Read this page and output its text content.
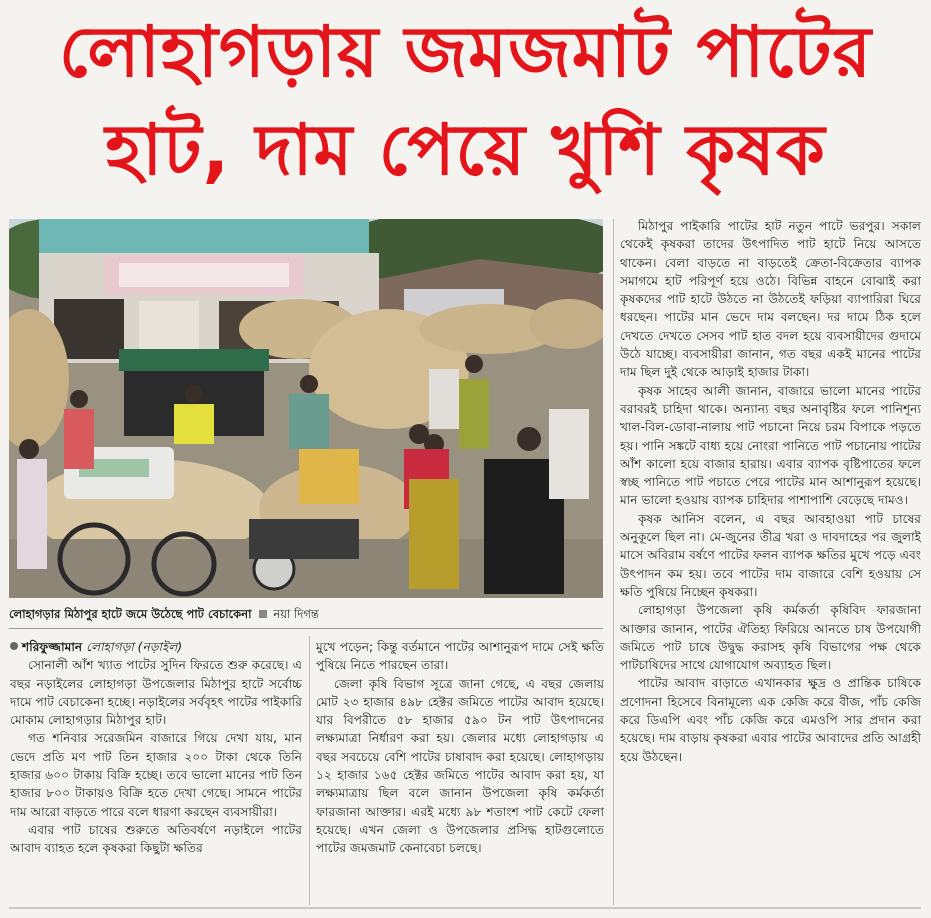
লোহাগড়ায় জমজমাট পাটের
হাট, দাম পেয়ে খুশি কৃষক
লোহাগড়ার মিঠাপুর হাটে জমে উঠেছে পাট বেচাকেনা নয়া দিগন্ত

শরিফুজ্জামান লোহাগড়া (নড়াইল)

সোনালী আঁশ খ্যাত পাটের সুদিন ফিরতে শুরু করেছে। এ বছর নড়াইলের লোহাগড়া উপজেলার মিঠাপুর হাটে সর্বোচ্চ দামে পাট বেচাকেনা হচ্ছে। নড়াইলের সর্ববৃহৎ পাটের পাইকারি মোকাম লোহাগড়ার মিঠাপুর হাট।

গত শনিবার সরেজমিন বাজারে গিয়ে দেখা যায়, মান ভেদে প্রতি মণ পাট তিন হাজার ২০০ টাকা থেকে তিনি হাজার ৬০০ টাকায় বিক্রি হচ্ছে। তবে ভালো মানের পাট তিন হাজার ৮০০ টাকায়ও বিক্রি হতে দেখা গেছে। সামনে পাটের দাম আরো বাড়তে পারে বলে ধারণা করছেন ব্যবসায়ীরা।

এবার পাট চাষের শুরুতে অতিবর্ষণে নড়াইলে পাটের আবাদ ব্যাহত হলে কৃষকরা কিছুটা ক্ষতির

মুখে পড়েন; কিন্তু বর্তমানে পাটের আশানুরূপ দামে সেই ক্ষতি পুষিয়ে নিতে পারছেন তারা।

জেলা কৃষি বিভাগ সূত্রে জানা গেছে, এ বছর জেলায় মোট ২৩ হাজার ৪৯৮ হেক্টর জমিতে পাটের আবাদ হয়েছে। যার বিপরীতে ৫৮ হাজার ৫৯০ টন পাট উৎপাদনের লক্ষ্যমাত্রা নির্ধারণ করা হয়। জেলার মধ্যে লোহাগড়ায় এ বছর সবচেয়ে বেশি পাটের চাষাবাদ করা হয়েছে। লোহাগড়ায় ১২ হাজার ১৬৫ হেক্টর জমিতে পাটের আবাদ করা হয়, যা লক্ষ্যমাত্রায় ছিল বলে জানান উপজেলা কৃষি কর্মকর্তা ফারজানা আক্তার। এরই মধ্যে ৯৮ শতাংশ পাট কেটে ফেলা হয়েছে। এখন জেলা ও উপজেলার প্রসিদ্ধ হাটগুলোতে পাটের জমজমাট কেনাবেচা চলছে।

মিঠাপুর পাইকারি পাটের হাট নতুন পাটে ভরপুর। সকাল থেকেই কৃষকরা তাদের উৎপাদিত পাট হাটে নিয়ে আসতে থাকেন। বেলা বাড়তে না বাড়তেই ক্রেতা-বিক্রেতার ব্যাপক সমাগমে হাট পরিপূর্ণ হয়ে ওঠে। বিভিন্ন বাহনে বোঝাই করা কৃষকদের পাট হাটে উঠতে না উঠতেই ফড়িয়া ব্যাপারিরা ঘিরে ধরছেন। পাটের মান ভেদে দাম বলছেন। দর দামে ঠিক হলে দেখতে দেখতে সেসব পাট হাত বদল হয়ে ব্যবসায়ীদের গুদামে উঠে যাচ্ছে। ব্যবসায়ীরা জানান, গত বছর একই মানের পাটের দাম ছিল দুই থেকে আড়াই হাজার টাকা।

কৃষক সাহেব আলী জানান, বাজারে ভালো মানের পাটের বরাবরই চাহিদা থাকে। অন্যান্য বছর অনাবৃষ্টির ফলে পানিশূন্য খাল-বিল-ডোবা-নালায় পাট পচানো নিয়ে চরম বিপাকে পড়তে হয়। পানি সঙ্কটে বাধ্য হয়ে নোংরা পানিতে পাট পচানোয় পাটের আঁশ কালো হয়ে বাজার হারায়। এবার ব্যাপক বৃষ্টিপাতের ফলে স্বচ্ছ পানিতে পাট পচাতে পেরে পাটের মান আশানুরূপ হয়েছে। মান ভালো হওয়ায় ব্যাপক চাহিদার পাশাপাশি বেড়েছে দামও।

কৃষক আনিস বলেন, এ বছর আবহাওয়া পাট চাষের অনুকূলে ছিল না। মে-জুনের তীব্র খরা ও দাবদাহের পর জুলাই মাসে অবিরাম বর্ষণে পাটের ফলন ব্যাপক ক্ষতির মুখে পড়ে এবং উৎপাদন কম হয়। তবে পাটের দাম বাজারে বেশি হওয়ায় সে ক্ষতি পুষিয়ে নিচ্ছেন কৃষকরা।

লোহাগড়া উপজেলা কৃষি কর্মকর্তা কৃষিবিদ ফারজানা আক্তার জানান, পাটের ঐতিহ্য ফিরিয়ে আনতে চাষ উপযোগী জমিতে পাট চাষে উদ্বুদ্ধ করাসহ কৃষি বিভাগের পক্ষ থেকে পাটচাষিদের সাথে যোগাযোগ অব্যাহত ছিল।

পাটের আবাদ বাড়াতে এখানকার ক্ষুদ্র ও প্রান্তিক চাষিকে প্রণোদনা হিসেবে বিনামূল্যে এক কেজি করে বীজ, পাঁচ কেজি করে ডিএপি এবং পাঁচ কেজি করে এমওপি সার প্রদান করা হয়েছে। দাম বাড়ায় কৃষকরা এবার পাটের আবাদের প্রতি আগ্রহী হয়ে উঠছেন।
